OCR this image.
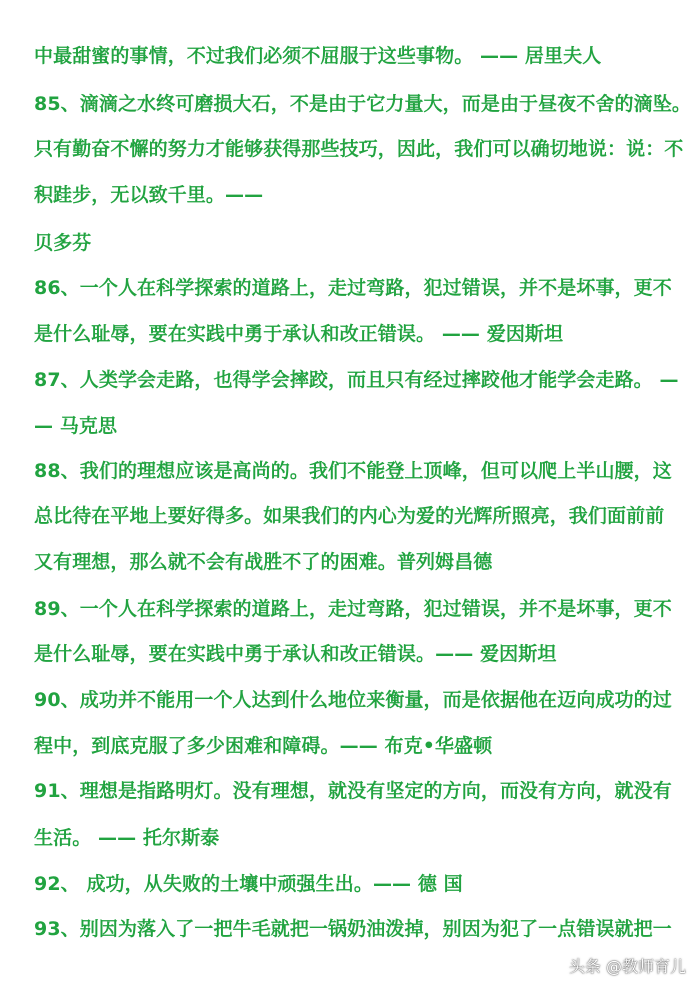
中最甜蜜的事情，不过我们必须不屈服于这些事物。 —— 居里夫人
85、滴滴之水终可磨损大石，不是由于它力量大，而是由于昼夜不舍的滴坠。
只有勤奋不懈的努力才能够获得那些技巧，因此，我们可以确切地说：说：不
积跬步，无以致千里。——
贝多芬
86、一个人在科学探索的道路上，走过弯路，犯过错误，并不是坏事，更不
是什么耻辱，要在实践中勇于承认和改正错误。 —— 爱因斯坦
87、人类学会走路，也得学会摔跤，而且只有经过摔跤他才能学会走路。 —
— 马克思
88、我们的理想应该是高尚的。我们不能登上顶峰，但可以爬上半山腰，这
总比待在平地上要好得多。如果我们的内心为爱的光辉所照亮，我们面前前
又有理想，那么就不会有战胜不了的困难。普列姆昌德
89、一个人在科学探索的道路上，走过弯路，犯过错误，并不是坏事，更不
是什么耻辱，要在实践中勇于承认和改正错误。—— 爱因斯坦
90、成功并不能用一个人达到什么地位来衡量，而是依据他在迈向成功的过
程中，到底克服了多少困难和障碍。—— 布克•华盛顿
91、理想是指路明灯。没有理想，就没有坚定的方向，而没有方向，就没有
生活。 —— 托尔斯泰
92、 成功，从失败的土壤中顽强生出。—— 德 国
93、别因为落入了一把牛毛就把一锅奶油泼掉，别因为犯了一点错误就把一
头条 @教师育儿
